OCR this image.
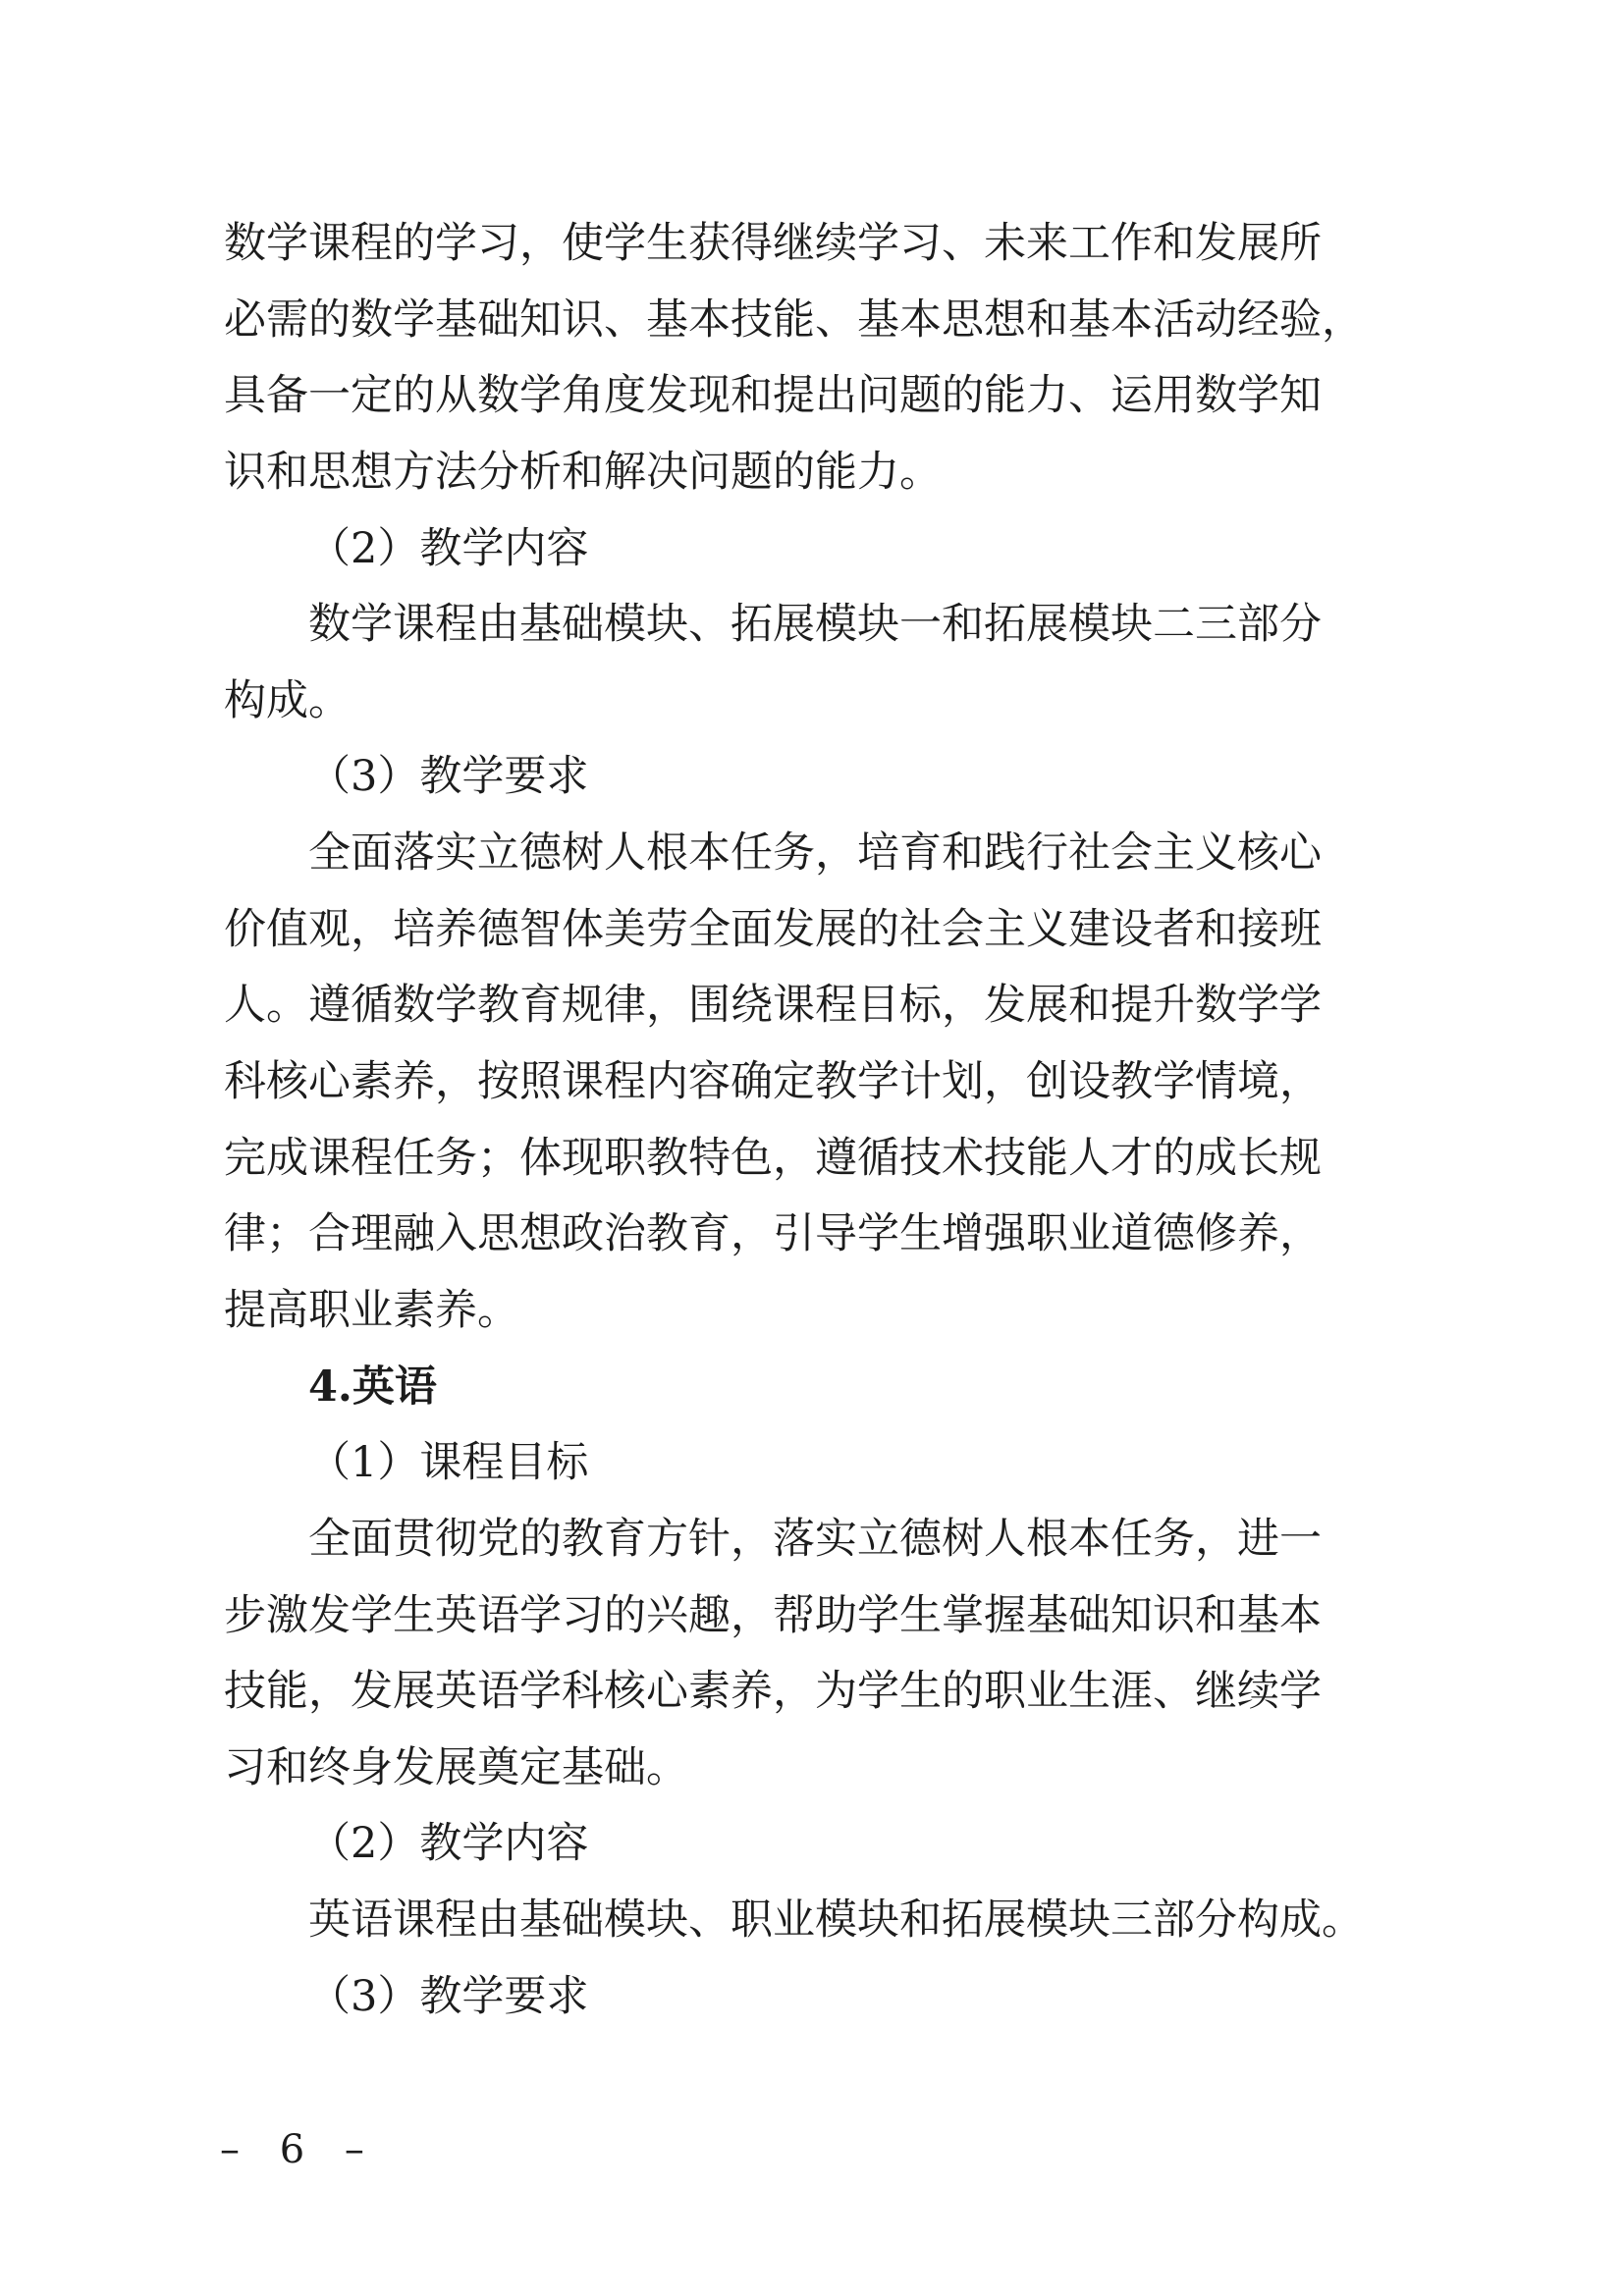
数学课程的学习，使学生获得继续学习、未来工作和发展所
必需的数学基础知识、基本技能、基本思想和基本活动经验，
具备一定的从数学角度发现和提出问题的能力、运用数学知
识和思想方法分析和解决问题的能力。
（2）教学内容
数学课程由基础模块、拓展模块一和拓展模块二三部分
构成。
（3）教学要求
全面落实立德树人根本任务，培育和践行社会主义核心
价值观，培养德智体美劳全面发展的社会主义建设者和接班
人。遵循数学教育规律，围绕课程目标，发展和提升数学学
科核心素养，按照课程内容确定教学计划，创设教学情境，
完成课程任务；体现职教特色，遵循技术技能人才的成长规
律；合理融入思想政治教育，引导学生增强职业道德修养，
提高职业素养。
4.英语
（1）课程目标
全面贯彻党的教育方针，落实立德树人根本任务，进一
步激发学生英语学习的兴趣，帮助学生掌握基础知识和基本
技能，发展英语学科核心素养，为学生的职业生涯、继续学
习和终身发展奠定基础。
（2）教学内容
英语课程由基础模块、职业模块和拓展模块三部分构成。
（3）教学要求
– 6 –
